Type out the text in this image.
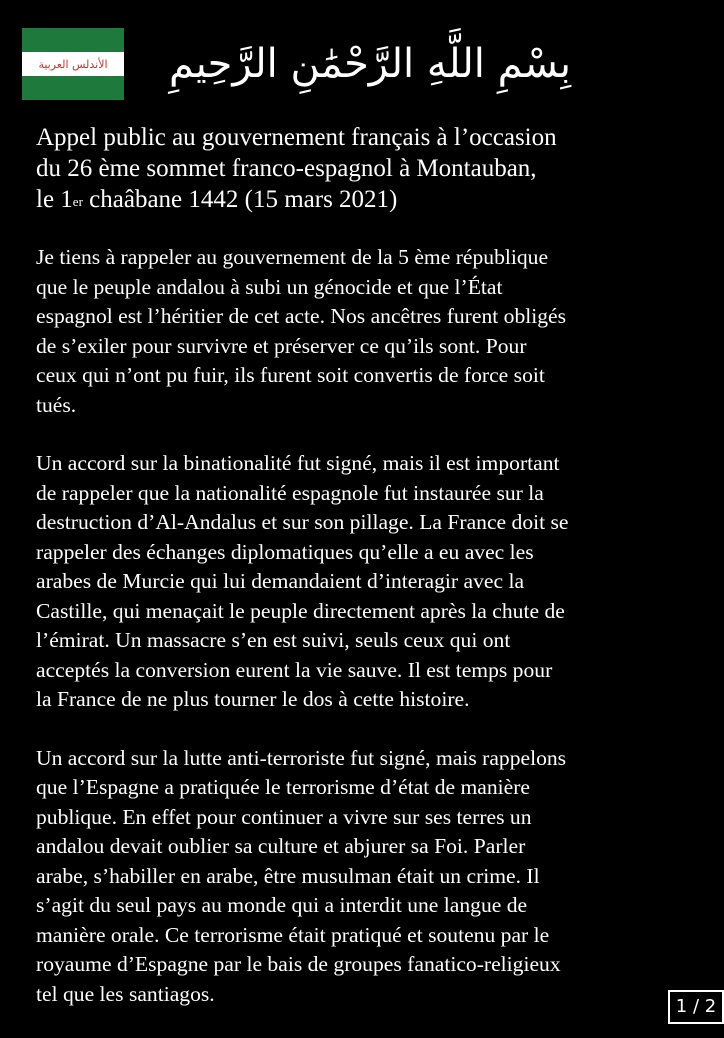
الأندلس العربية بِسْمِ اللَّهِ الرَّحْمَٰنِ الرَّحِيمِ
Appel public au gouvernement français à l’occasion
du 26 ème sommet franco-espagnol à Montauban,
le 1er chaâbane 1442 (15 mars 2021)

Je tiens à rappeler au gouvernement de la 5 ème république
que le peuple andalou à subi un génocide et que l’État
espagnol est l’héritier de cet acte. Nos ancêtres furent obligés
de s’exiler pour survivre et préserver ce qu’ils sont. Pour
ceux qui n’ont pu fuir, ils furent soit convertis de force soit
tués.

Un accord sur la binationalité fut signé, mais il est important
de rappeler que la nationalité espagnole fut instaurée sur la
destruction d’Al-Andalus et sur son pillage. La France doit se
rappeler des échanges diplomatiques qu’elle a eu avec les
arabes de Murcie qui lui demandaient d’interagir avec la
Castille, qui menaçait le peuple directement après la chute de
l’émirat. Un massacre s’en est suivi, seuls ceux qui ont
acceptés la conversion eurent la vie sauve. Il est temps pour
la France de ne plus tourner le dos à cette histoire.

Un accord sur la lutte anti-terroriste fut signé, mais rappelons
que l’Espagne a pratiquée le terrorisme d’état de manière
publique. En effet pour continuer a vivre sur ses terres un
andalou devait oublier sa culture et abjurer sa Foi. Parler
arabe, s’habiller en arabe, être musulman était un crime. Il
s’agit du seul pays au monde qui a interdit une langue de
manière orale. Ce terrorisme était pratiqué et soutenu par le
royaume d’Espagne par le bais de groupes fanatico-religieux
tel que les santiagos.

1 / 2
